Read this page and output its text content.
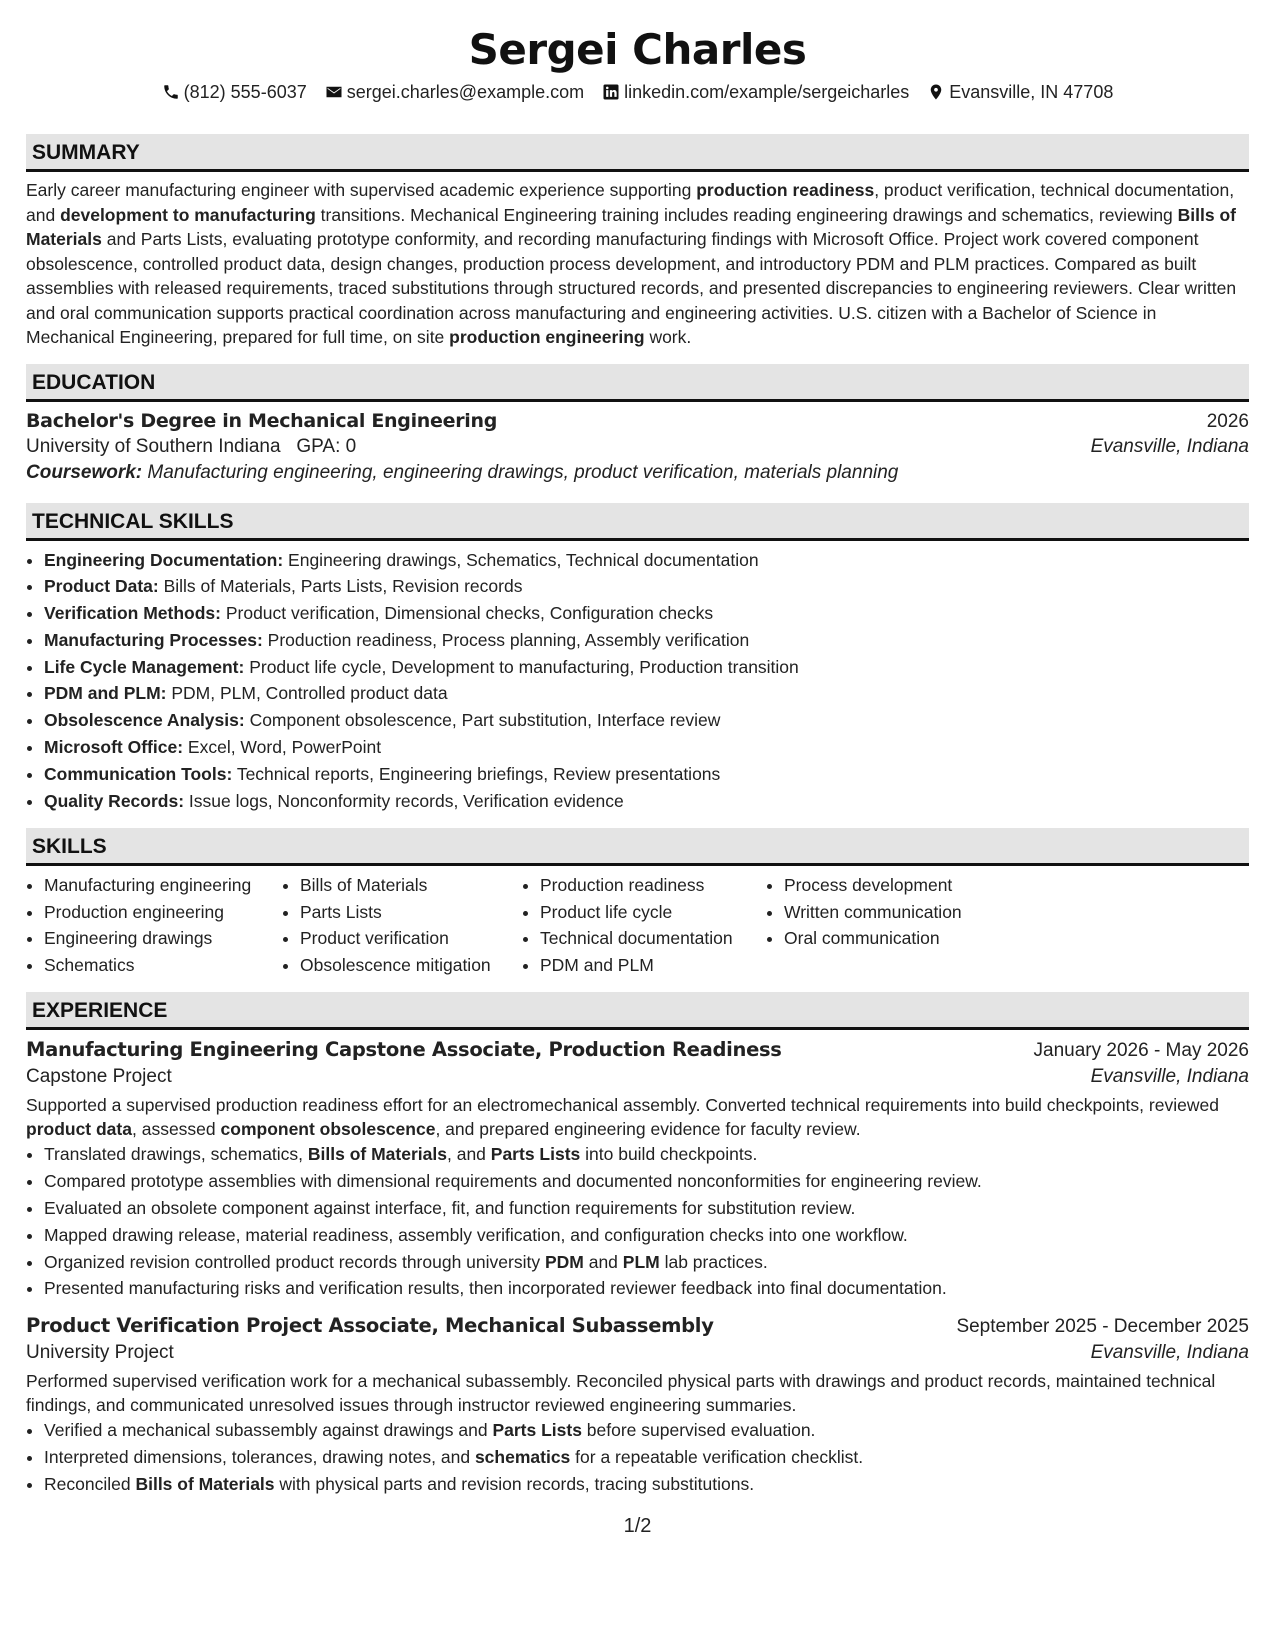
Sergei Charles
(812) 555-6037 sergei.charles@example.com linkedin.com/example/sergeicharles Evansville, IN 47708
SUMMARY

Early career manufacturing engineer with supervised academic experience supporting production readiness, product verification, technical documentation, and development to manufacturing transitions. Mechanical Engineering training includes reading engineering drawings and schematics, reviewing Bills of Materials and Parts Lists, evaluating prototype conformity, and recording manufacturing findings with Microsoft Office. Project work covered component obsolescence, controlled product data, design changes, production process development, and introductory PDM and PLM practices. Compared as built assemblies with released requirements, traced substitutions through structured records, and presented discrepancies to engineering reviewers. Clear written and oral communication supports practical coordination across manufacturing and engineering activities. U.S. citizen with a Bachelor of Science in Mechanical Engineering, prepared for full time, on site production engineering work.

EDUCATION
Bachelor's Degree in Mechanical Engineering	2026
University of Southern Indiana GPA: 0	Evansville, Indiana
Coursework: Manufacturing engineering, engineering drawings, product verification, materials planning
TECHNICAL SKILLS
• Engineering Documentation: Engineering drawings, Schematics, Technical documentation
• Product Data: Bills of Materials, Parts Lists, Revision records
• Verification Methods: Product verification, Dimensional checks, Configuration checks
• Manufacturing Processes: Production readiness, Process planning, Assembly verification
• Life Cycle Management: Product life cycle, Development to manufacturing, Production transition
• PDM and PLM: PDM, PLM, Controlled product data
• Obsolescence Analysis: Component obsolescence, Part substitution, Interface review
• Microsoft Office: Excel, Word, PowerPoint
• Communication Tools: Technical reports, Engineering briefings, Review presentations
• Quality Records: Issue logs, Nonconformity records, Verification evidence
SKILLS
• Manufacturing engineering
• Production engineering
• Engineering drawings
• Schematics
• Bills of Materials
• Parts Lists
• Product verification
• Obsolescence mitigation
• Production readiness
• Product life cycle
• Technical documentation
• PDM and PLM
• Process development
• Written communication
• Oral communication
EXPERIENCE
Manufacturing Engineering Capstone Associate, Production Readiness	January 2026 - May 2026
Capstone Project	Evansville, Indiana

Supported a supervised production readiness effort for an electromechanical assembly. Converted technical requirements into build checkpoints, reviewed product data, assessed component obsolescence, and prepared engineering evidence for faculty review.

• Translated drawings, schematics, Bills of Materials, and Parts Lists into build checkpoints.
• Compared prototype assemblies with dimensional requirements and documented nonconformities for engineering review.
• Evaluated an obsolete component against interface, fit, and function requirements for substitution review.
• Mapped drawing release, material readiness, assembly verification, and configuration checks into one workflow.
• Organized revision controlled product records through university PDM and PLM lab practices.
• Presented manufacturing risks and verification results, then incorporated reviewer feedback into final documentation.
Product Verification Project Associate, Mechanical Subassembly	September 2025 - December 2025
University Project	Evansville, Indiana

Performed supervised verification work for a mechanical subassembly. Reconciled physical parts with drawings and product records, maintained technical findings, and communicated unresolved issues through instructor reviewed engineering summaries.

• Verified a mechanical subassembly against drawings and Parts Lists before supervised evaluation.
• Interpreted dimensions, tolerances, drawing notes, and schematics for a repeatable verification checklist.
• Reconciled Bills of Materials with physical parts and revision records, tracing substitutions.
1/2
